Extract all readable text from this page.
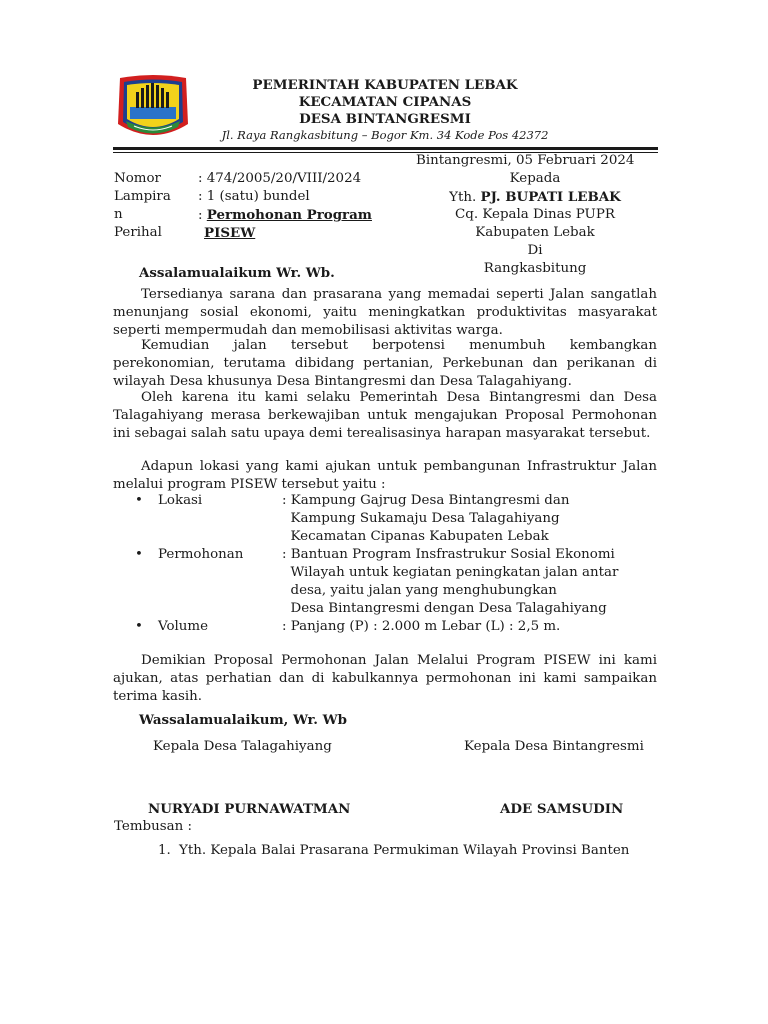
PEMERINTAH KABUPATEN LEBAK
KECAMATAN CIPANAS
DESA BINTANGRESMI
Jl. Raya Rangkasbitung – Bogor Km. 34 Kode Pos 42372
Bintangresmi, 05 Februari 2024
Kepada
Yth. PJ. BUPATI LEBAK
Cq. Kepala Dinas PUPR
Kabupaten Lebak
Di
Rangkasbitung
Nomor	: 474/2005/20/VIII/2024
Lampira : 1 (satu) bundel
n	: Permohonan Program
Perihal	PISEW
Assalamualaikum Wr. Wb.
Tersedianya sarana dan prasarana yang memadai seperti Jalan sangatlah menunjang sosial ekonomi, yaitu meningkatkan produktivitas masyarakat seperti mempermudah dan memobilisasi aktivitas warga.
Kemudian jalan tersebut berpotensi menumbuh kembangkan perekonomian, terutama dibidang pertanian, Perkebunan dan perikanan di wilayah Desa khusunya Desa Bintangresmi dan Desa Talagahiyang.
Oleh karena itu kami selaku Pemerintah Desa Bintangresmi dan Desa Talagahiyang merasa berkewajiban untuk mengajukan Proposal Permohonan ini sebagai salah satu upaya demi terealisasinya harapan masyarakat tersebut.
Adapun lokasi yang kami ajukan untuk pembangunan Infrastruktur Jalan melalui program PISEW tersebut yaitu :
• Lokasi	: Kampung Gajrug Desa Bintangresmi dan
Kampung Sukamaju Desa Talagahiyang
Kecamatan Cipanas Kabupaten Lebak
• Permohonan	: Bantuan Program Insfrastrukur Sosial Ekonomi
Wilayah untuk kegiatan peningkatan jalan antar
desa, yaitu jalan yang menghubungkan
Desa Bintangresmi dengan Desa Talagahiyang
• Volume	: Panjang (P) : 2.000 m Lebar (L) : 2,5 m.
Demikian Proposal Permohonan Jalan Melalui Program PISEW ini kami ajukan, atas perhatian dan di kabulkannya permohonan ini kami sampaikan terima kasih.
Wassalamualaikum, Wr. Wb
Kepala Desa Talagahiyang	Kepala Desa Bintangresmi
NURYADI PURNAWATMAN	ADE SAMSUDIN
Tembusan :
1. Yth. Kepala Balai Prasarana Permukiman Wilayah Provinsi Banten
